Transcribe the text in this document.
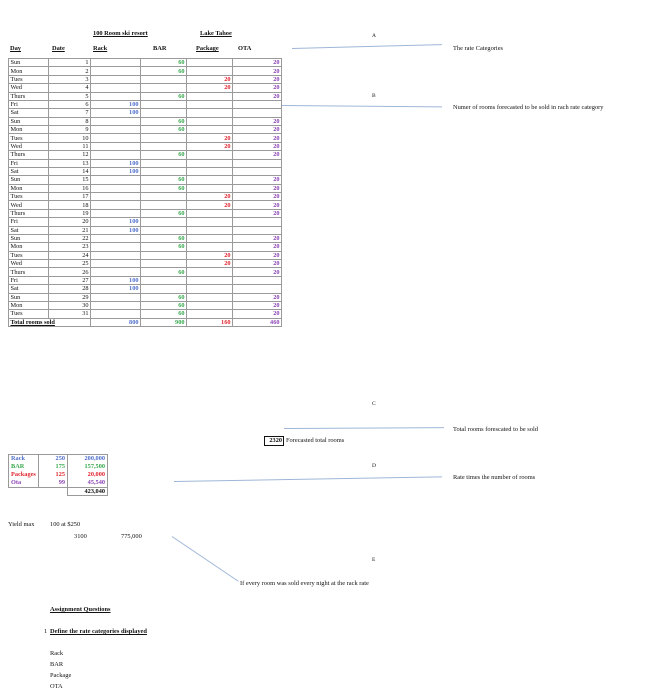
100 Room ski resort	Lake Tahoe
Day	Date	Rack	BAR	Package	OTA
Sun	1		60		20
Mon	2		60		20
Tues	3			20	20
Wed	4			20	20
Thurs	5		60		20
Fri	6	100			
Sat	7	100			
Sun	8		60		20
Mon	9		60		20
Tues	10			20	20
Wed	11			20	20
Thurs	12		60		20
Fri	13	100			
Sat	14	100			
Sun	15		60		20
Mon	16		60		20
Tues	17			20	20
Wed	18			20	20
Thurs	19		60		20
Fri	20	100			
Sat	21	100			
Sun	22		60		20
Mon	23		60		20
Tues	24			20	20
Wed	25			20	20
Thurs	26		60		20
Fri	27	100			
Sat	28	100			
Sun	29		60		20
Mon	30		60		20
Tues	31		60		20
Total rooms sold		800	900	160	460
2320 Forecasted total rooms
Rack	250	200,000
BAR	175	157,500
Packages	125	20,000
Ota	99	45,540
		423,040
Yield max 100 at $250
3100	775,000
A
The rate Categories
B
Numer of rooms forecasted to be sold in rach rate category
C
Total rooms forescated to be sold
D
Rate times the number of rooms
E
If every room was sold every night at the rack rate
Assignment Questions
1 Define the rate categories displayed
Rack
BAR
Package
OTA
